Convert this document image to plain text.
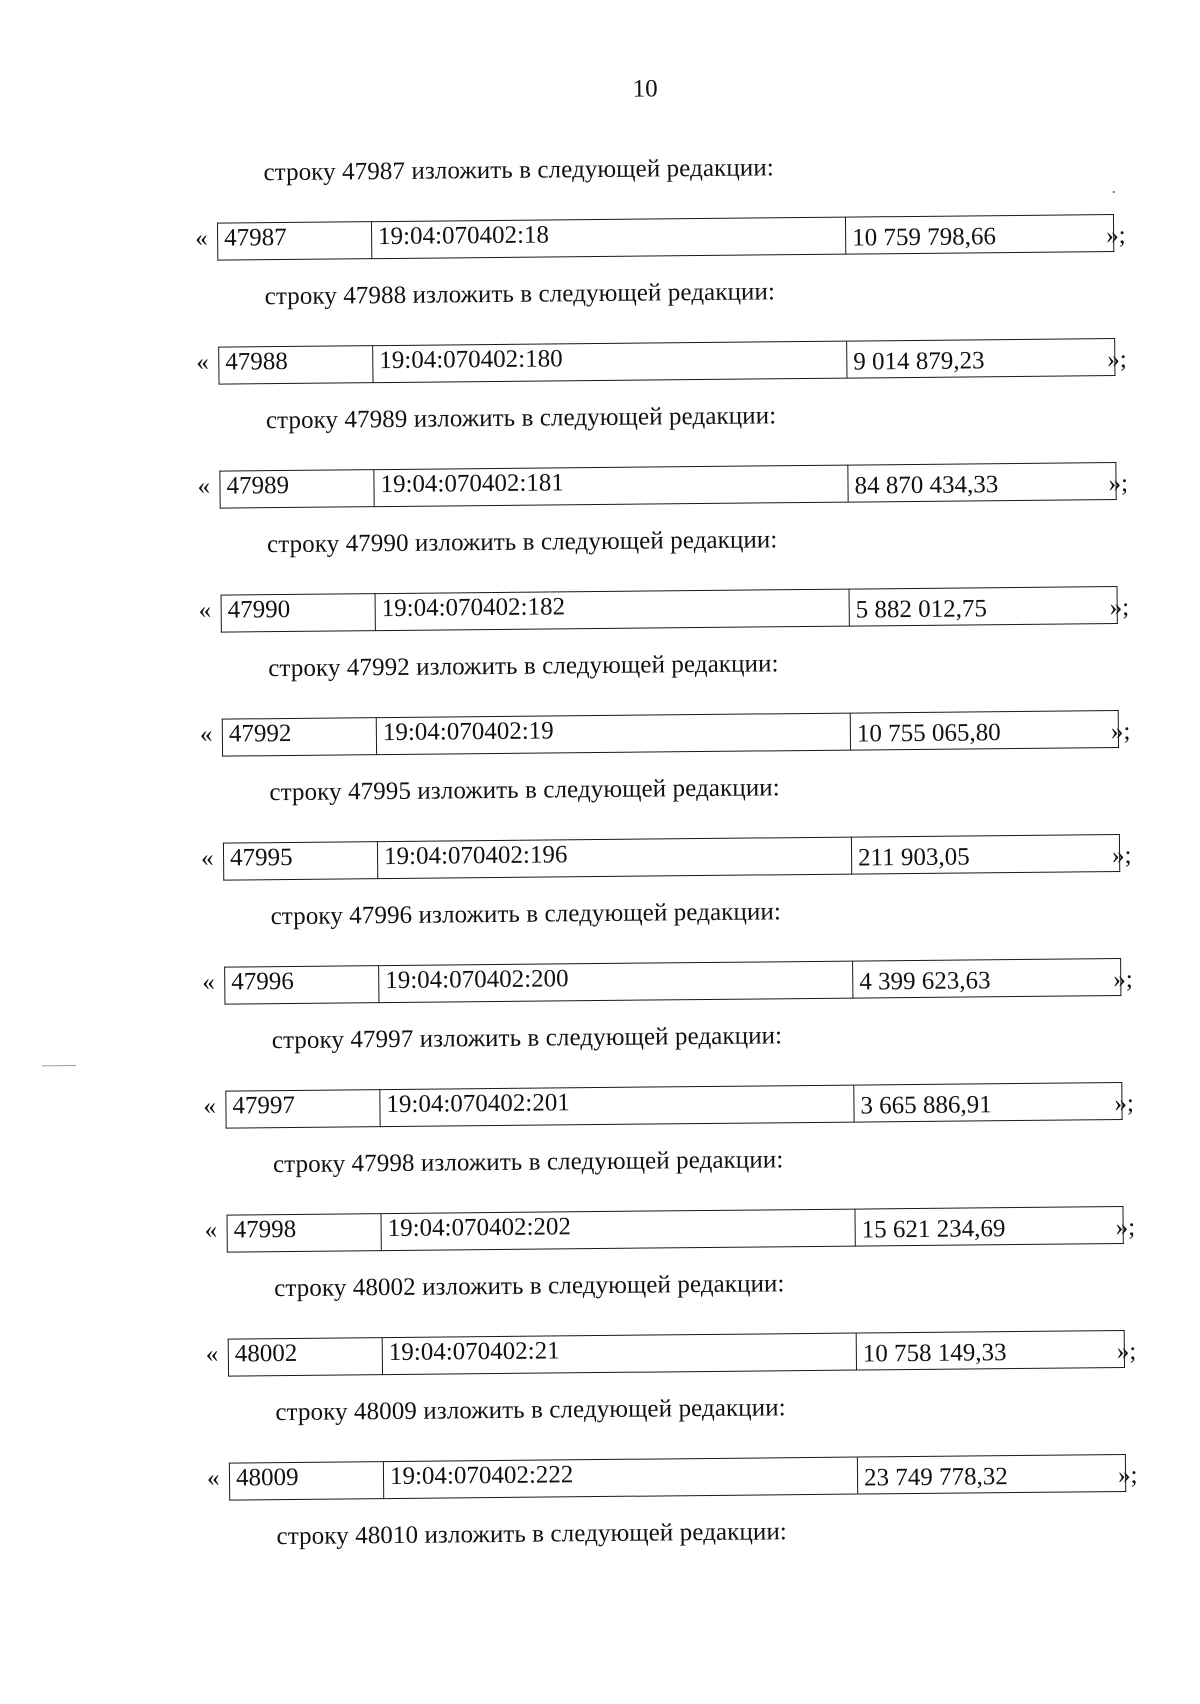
10
строку 47987 изложить в следующей редакции:
« 47987	19:04:070402:18	10 759 798,66	»;
строку 47988 изложить в следующей редакции:
« 47988	19:04:070402:180	9 014 879,23	»;
строку 47989 изложить в следующей редакции:
« 47989	19:04:070402:181	84 870 434,33	»;
строку 47990 изложить в следующей редакции:
« 47990	19:04:070402:182	5 882 012,75	»;
строку 47992 изложить в следующей редакции:
« 47992	19:04:070402:19	10 755 065,80	»;
строку 47995 изложить в следующей редакции:
« 47995	19:04:070402:196	211 903,05	»;
строку 47996 изложить в следующей редакции:
« 47996	19:04:070402:200	4 399 623,63	»;
строку 47997 изложить в следующей редакции:
« 47997	19:04:070402:201	3 665 886,91	»;
строку 47998 изложить в следующей редакции:
« 47998	19:04:070402:202	15 621 234,69	»;
строку 48002 изложить в следующей редакции:
« 48002	19:04:070402:21	10 758 149,33	»;
строку 48009 изложить в следующей редакции:
« 48009	19:04:070402:222	23 749 778,32	»;
строку 48010 изложить в следующей редакции:
